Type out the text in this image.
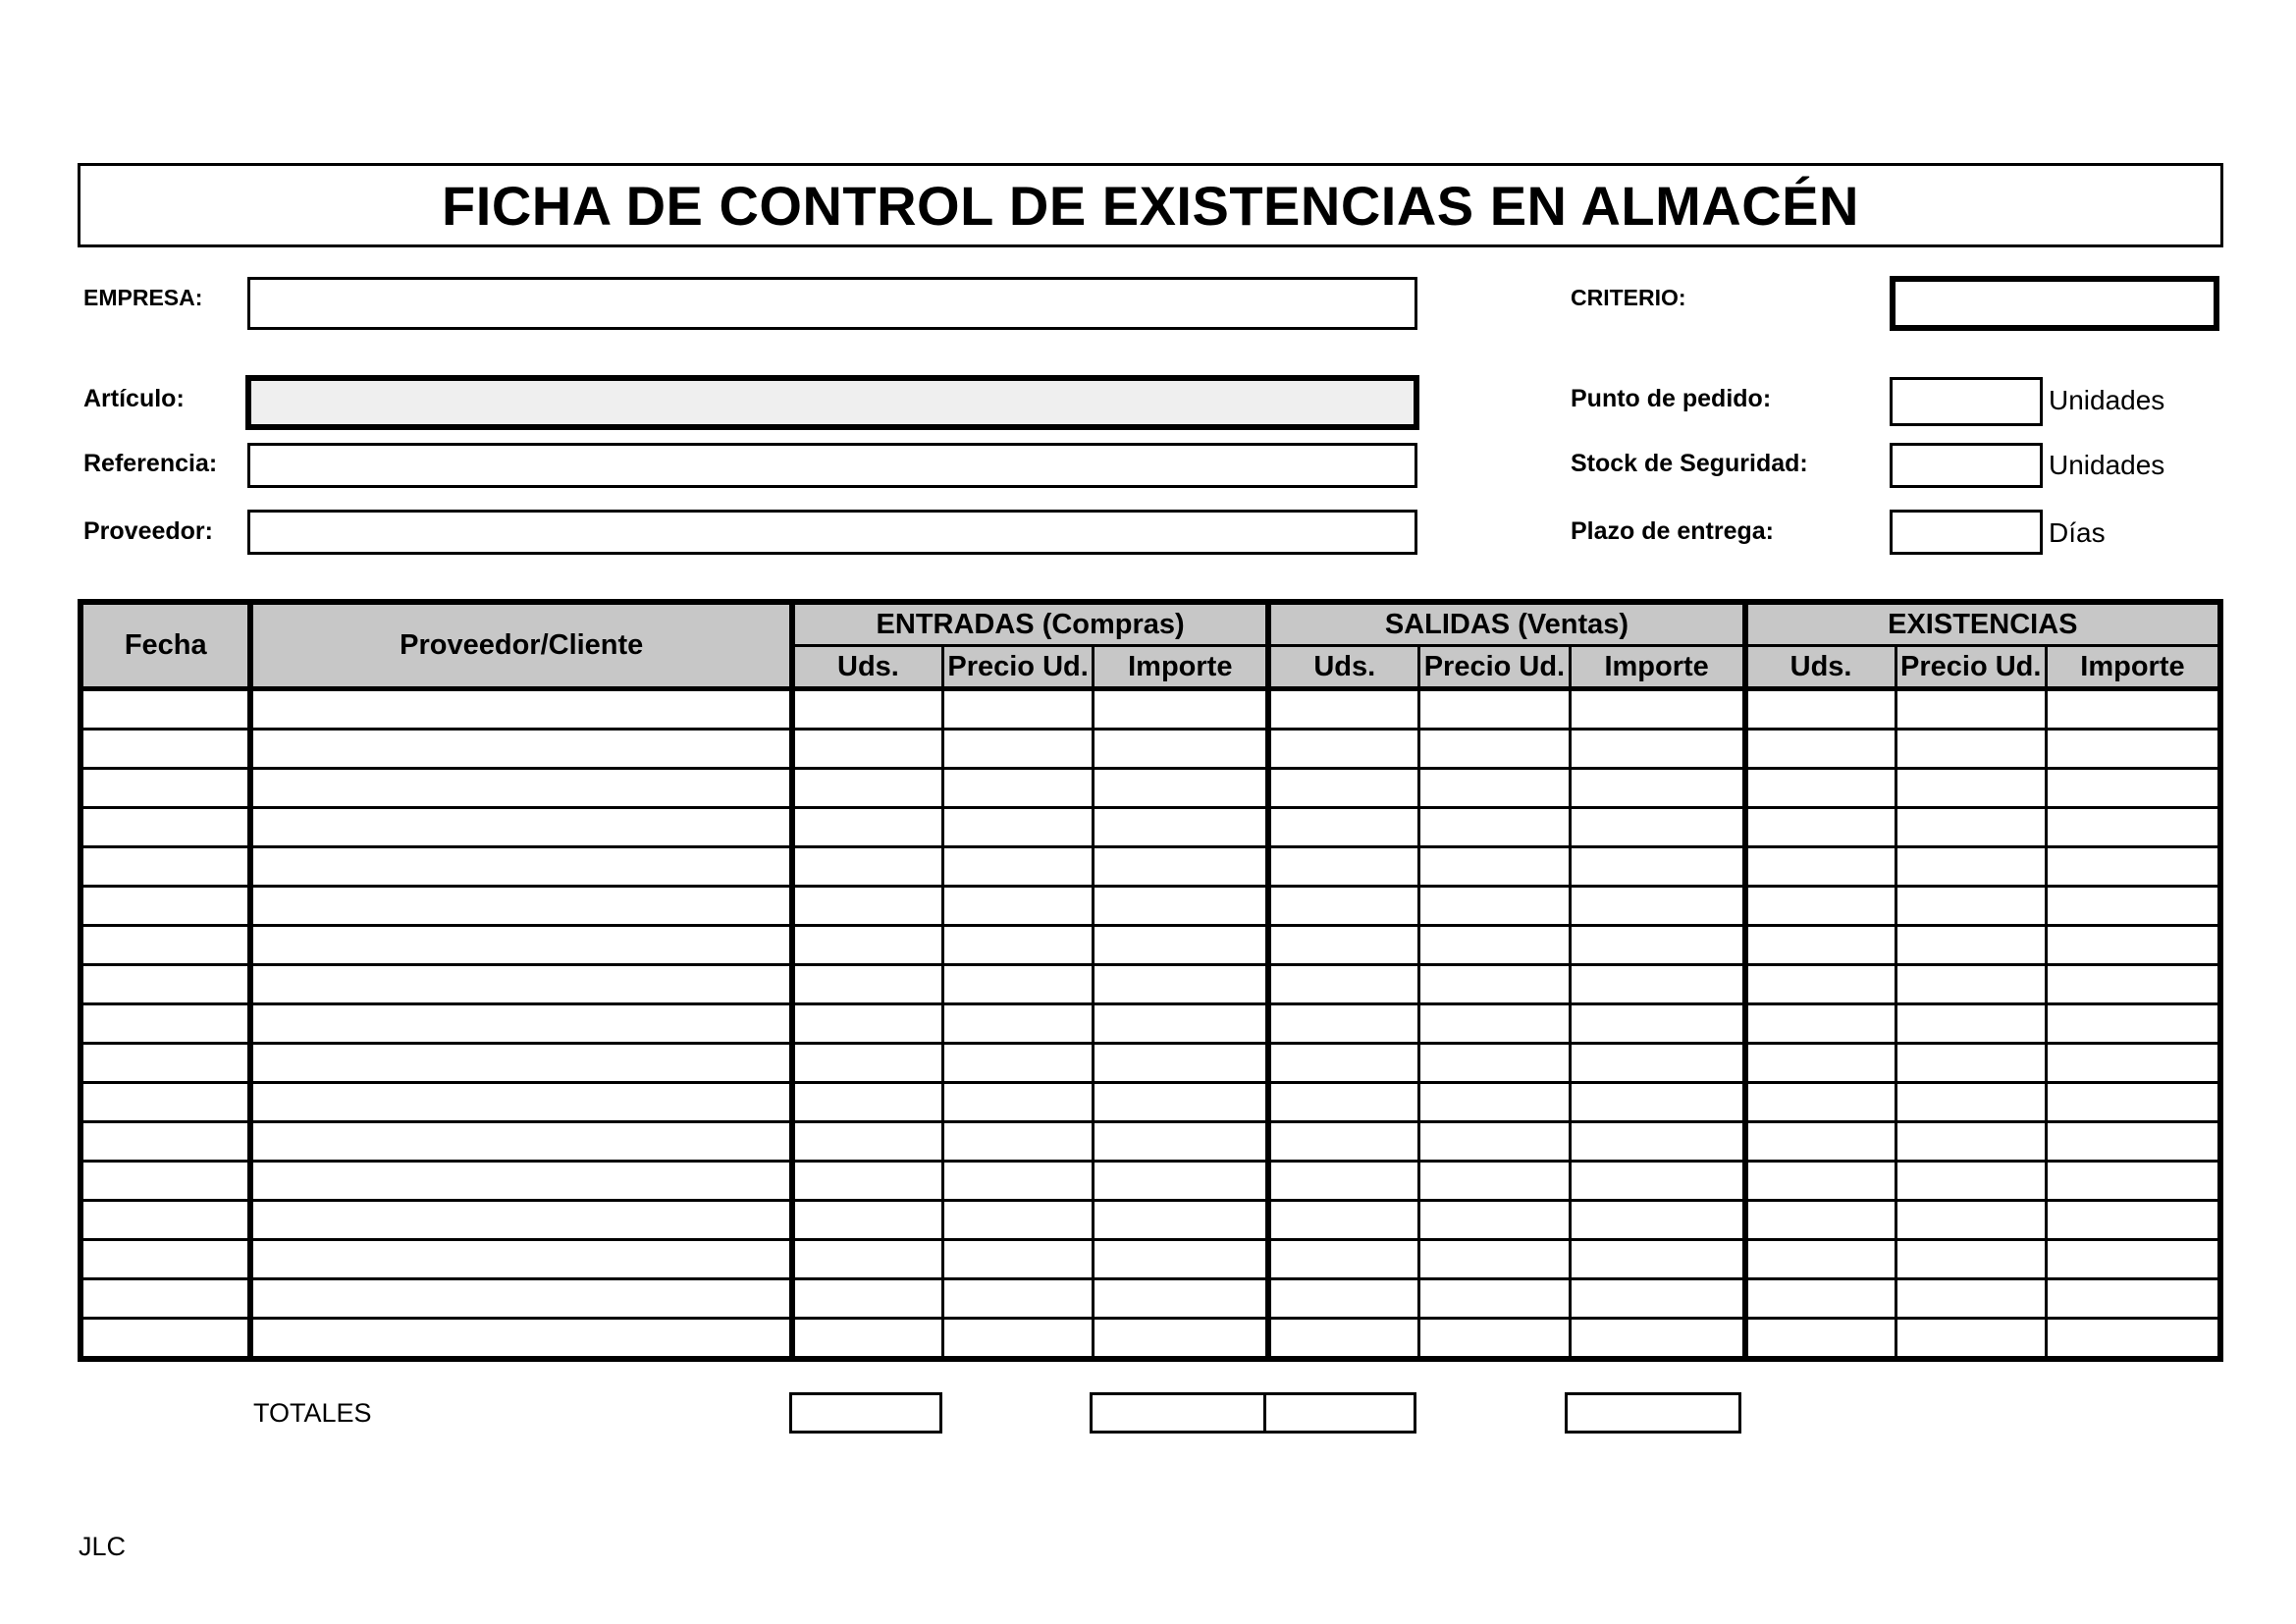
FICHA DE CONTROL DE EXISTENCIAS EN ALMACÉN
EMPRESA:
Artículo:
Referencia:
Proveedor:
CRITERIO:
Punto de pedido:	Unidades
Stock de Seguridad:	Unidades
Plazo de entrega:	Días
Fecha	Proveedor/Cliente	ENTRADAS (Compras)			SALIDAS (Ventas)			EXISTENCIAS		
		Uds.	Precio Ud.	Importe	Uds.	Precio Ud.	Importe	Uds.	Precio Ud.	Importe

TOTALES
JLC
